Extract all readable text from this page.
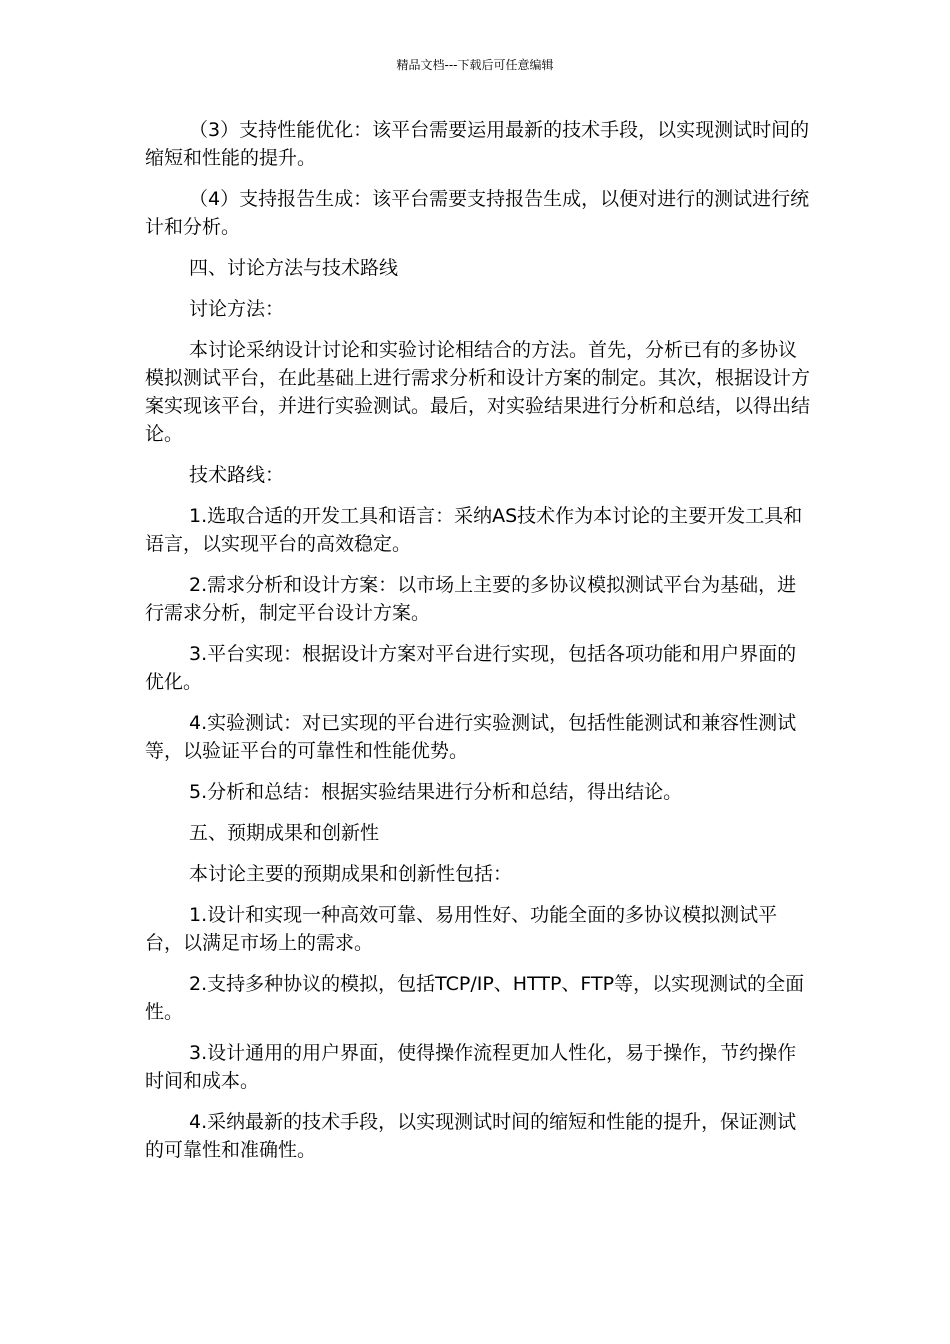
精品文档---下载后可任意编辑

（3）支持性能优化：该平台需要运用最新的技术手段，以实现测试时间的缩短和性能的提升。

（4）支持报告生成：该平台需要支持报告生成，以便对进行的测试进行统计和分析。

四、讨论方法与技术路线

讨论方法：

本讨论采纳设计讨论和实验讨论相结合的方法。首先，分析已有的多协议模拟测试平台，在此基础上进行需求分析和设计方案的制定。其次，根据设计方案实现该平台，并进行实验测试。最后，对实验结果进行分析和总结，以得出结论。

技术路线：

1.选取合适的开发工具和语言：采纳AS技术作为本讨论的主要开发工具和语言，以实现平台的高效稳定。

2.需求分析和设计方案：以市场上主要的多协议模拟测试平台为基础，进行需求分析，制定平台设计方案。

3.平台实现：根据设计方案对平台进行实现，包括各项功能和用户界面的优化。

4.实验测试：对已实现的平台进行实验测试，包括性能测试和兼容性测试等，以验证平台的可靠性和性能优势。

5.分析和总结：根据实验结果进行分析和总结，得出结论。

五、预期成果和创新性

本讨论主要的预期成果和创新性包括：

1.设计和实现一种高效可靠、易用性好、功能全面的多协议模拟测试平台，以满足市场上的需求。

2.支持多种协议的模拟，包括TCP/IP、HTTP、FTP等，以实现测试的全面性。

3.设计通用的用户界面，使得操作流程更加人性化，易于操作，节约操作时间和成本。

4.采纳最新的技术手段，以实现测试时间的缩短和性能的提升，保证测试的可靠性和准确性。
